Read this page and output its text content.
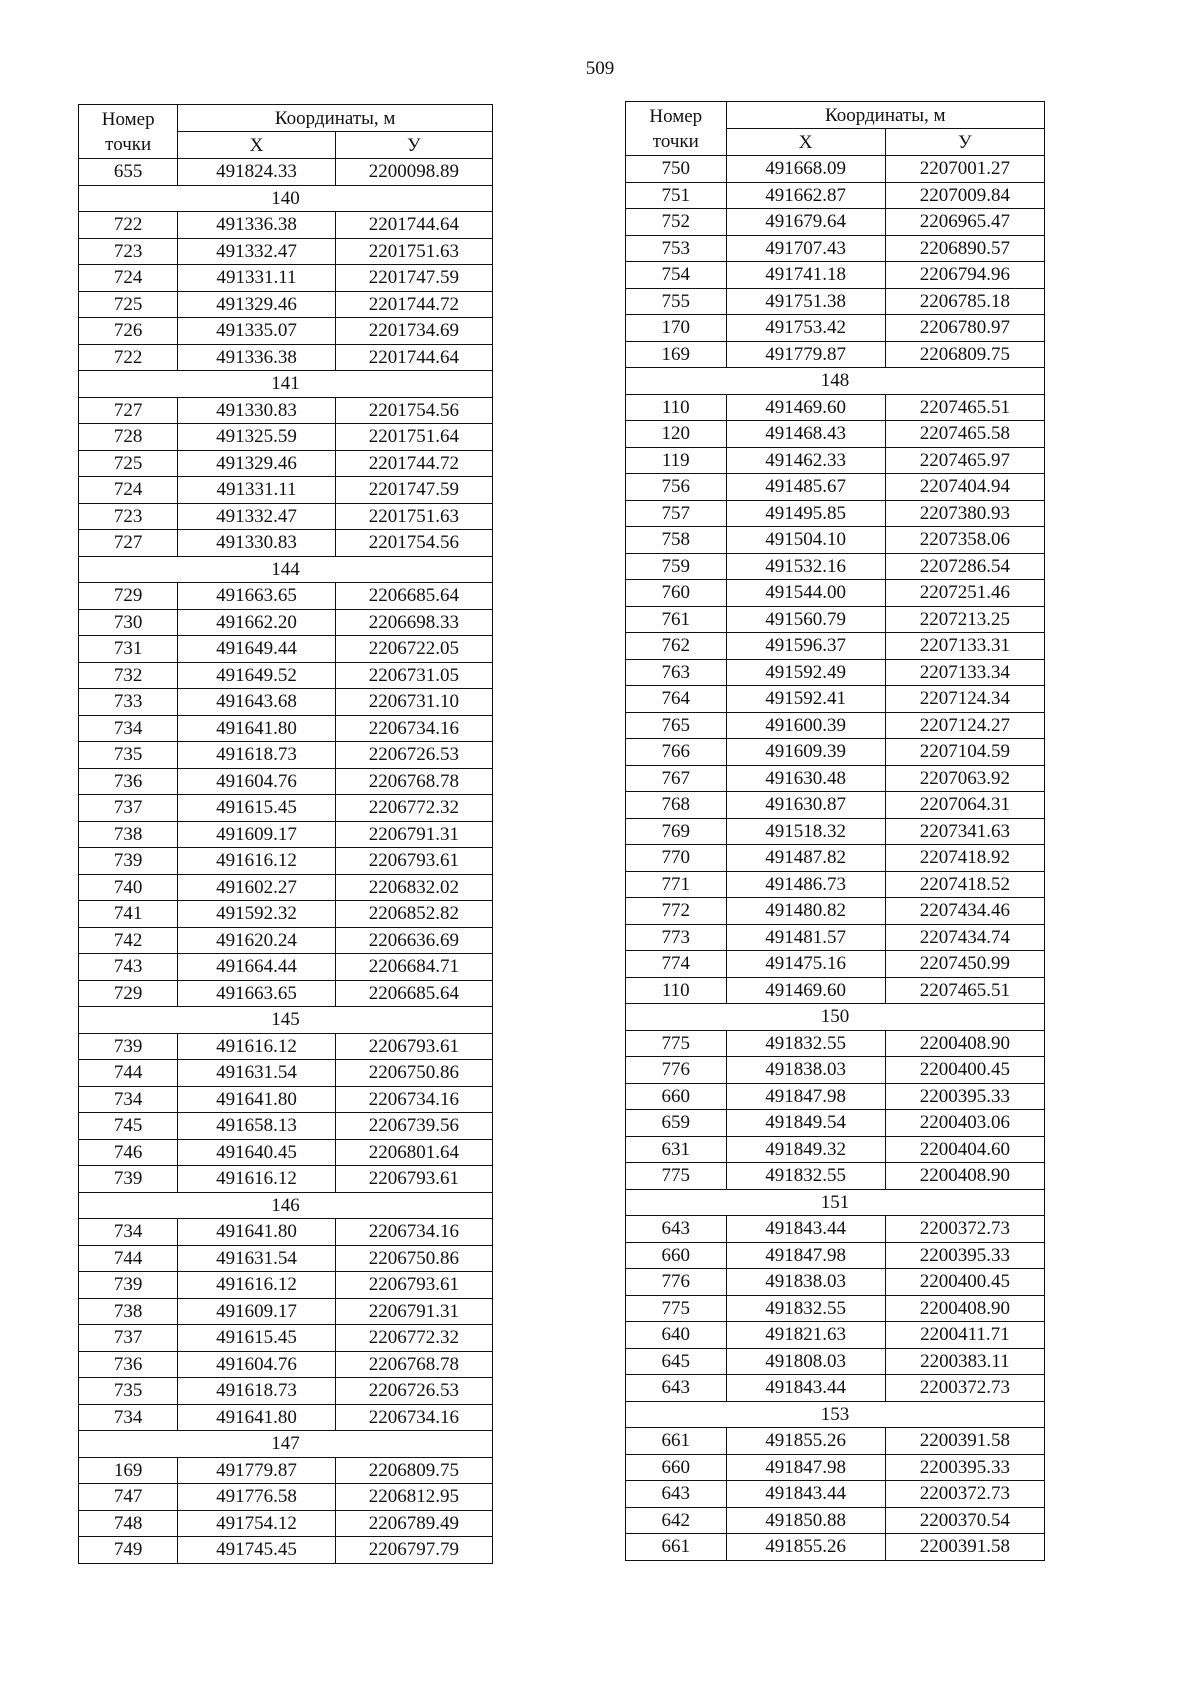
509
Номер
точки	Координаты, м	
	X	У
655	491824.33	2200098.89
140		
722	491336.38	2201744.64
723	491332.47	2201751.63
724	491331.11	2201747.59
725	491329.46	2201744.72
726	491335.07	2201734.69
722	491336.38	2201744.64
141		
727	491330.83	2201754.56
728	491325.59	2201751.64
725	491329.46	2201744.72
724	491331.11	2201747.59
723	491332.47	2201751.63
727	491330.83	2201754.56
144		
729	491663.65	2206685.64
730	491662.20	2206698.33
731	491649.44	2206722.05
732	491649.52	2206731.05
733	491643.68	2206731.10
734	491641.80	2206734.16
735	491618.73	2206726.53
736	491604.76	2206768.78
737	491615.45	2206772.32
738	491609.17	2206791.31
739	491616.12	2206793.61
740	491602.27	2206832.02
741	491592.32	2206852.82
742	491620.24	2206636.69
743	491664.44	2206684.71
729	491663.65	2206685.64
145		
739	491616.12	2206793.61
744	491631.54	2206750.86
734	491641.80	2206734.16
745	491658.13	2206739.56
746	491640.45	2206801.64
739	491616.12	2206793.61
146		
734	491641.80	2206734.16
744	491631.54	2206750.86
739	491616.12	2206793.61
738	491609.17	2206791.31
737	491615.45	2206772.32
736	491604.76	2206768.78
735	491618.73	2206726.53
734	491641.80	2206734.16
147		
169	491779.87	2206809.75
747	491776.58	2206812.95
748	491754.12	2206789.49
749	491745.45	2206797.79
Номер
точки	Координаты, м	
	X	У
750	491668.09	2207001.27
751	491662.87	2207009.84
752	491679.64	2206965.47
753	491707.43	2206890.57
754	491741.18	2206794.96
755	491751.38	2206785.18
170	491753.42	2206780.97
169	491779.87	2206809.75
148		
110	491469.60	2207465.51
120	491468.43	2207465.58
119	491462.33	2207465.97
756	491485.67	2207404.94
757	491495.85	2207380.93
758	491504.10	2207358.06
759	491532.16	2207286.54
760	491544.00	2207251.46
761	491560.79	2207213.25
762	491596.37	2207133.31
763	491592.49	2207133.34
764	491592.41	2207124.34
765	491600.39	2207124.27
766	491609.39	2207104.59
767	491630.48	2207063.92
768	491630.87	2207064.31
769	491518.32	2207341.63
770	491487.82	2207418.92
771	491486.73	2207418.52
772	491480.82	2207434.46
773	491481.57	2207434.74
774	491475.16	2207450.99
110	491469.60	2207465.51
150		
775	491832.55	2200408.90
776	491838.03	2200400.45
660	491847.98	2200395.33
659	491849.54	2200403.06
631	491849.32	2200404.60
775	491832.55	2200408.90
151		
643	491843.44	2200372.73
660	491847.98	2200395.33
776	491838.03	2200400.45
775	491832.55	2200408.90
640	491821.63	2200411.71
645	491808.03	2200383.11
643	491843.44	2200372.73
153		
661	491855.26	2200391.58
660	491847.98	2200395.33
643	491843.44	2200372.73
642	491850.88	2200370.54
661	491855.26	2200391.58
